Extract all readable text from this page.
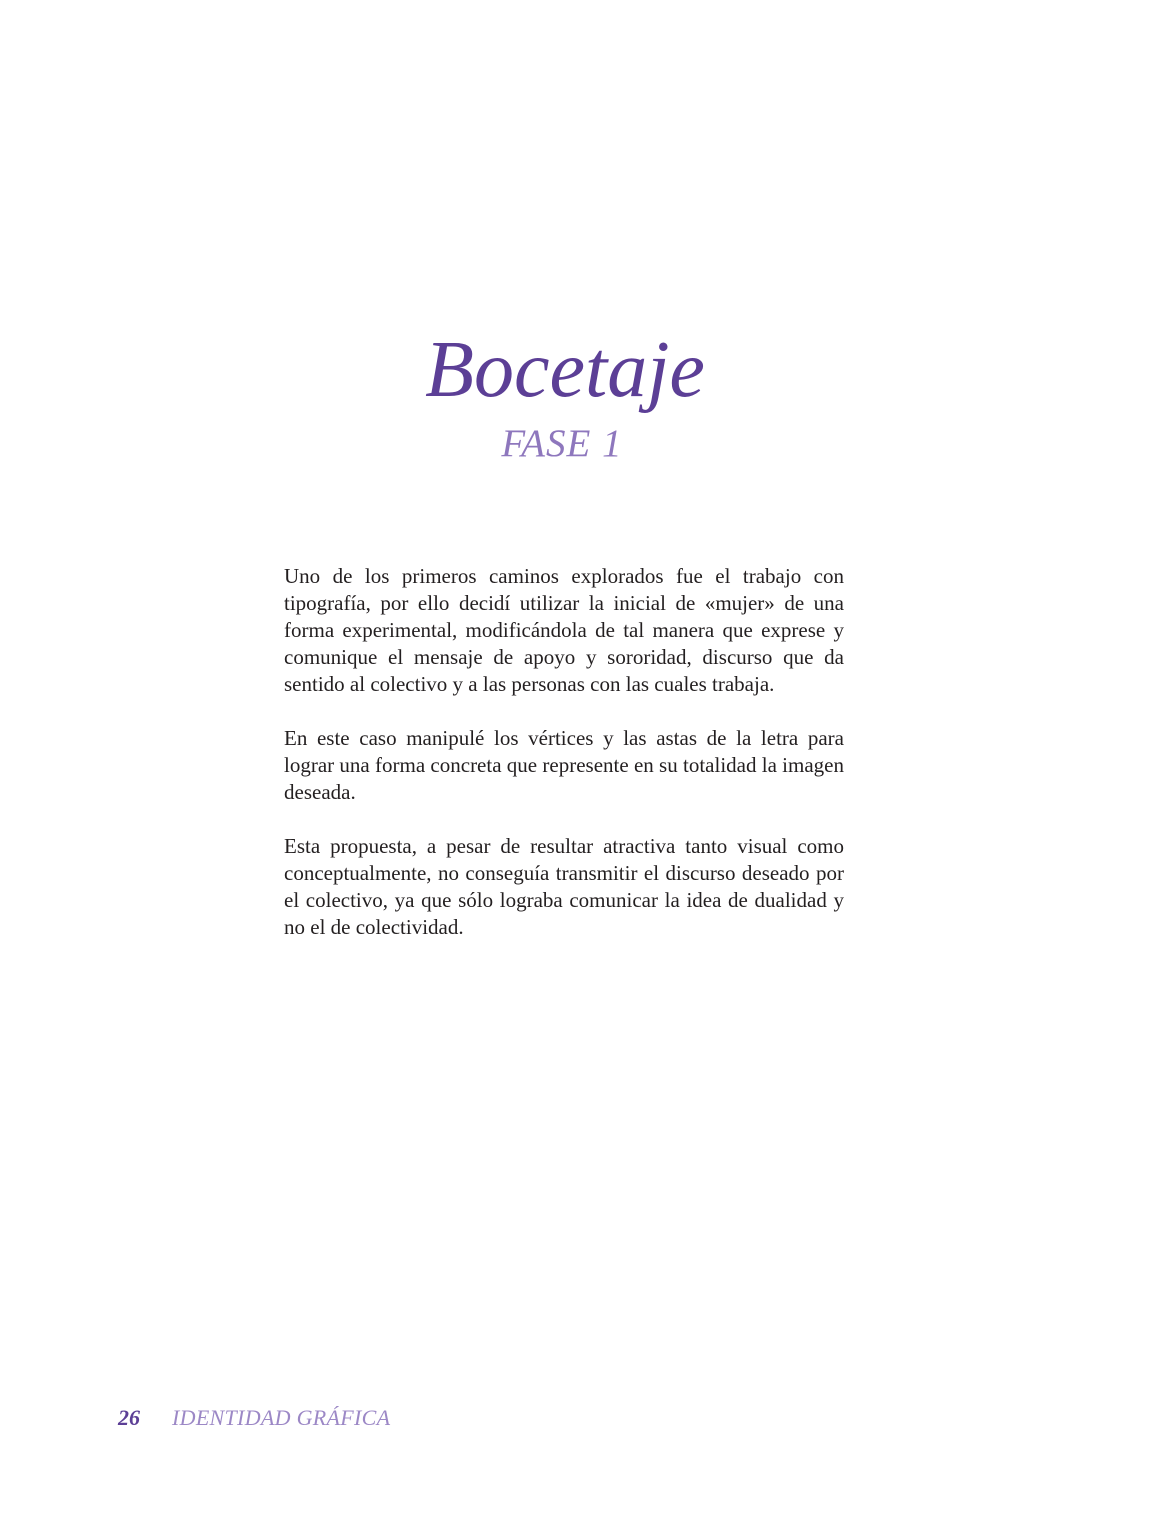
Bocetaje
FASE 1

Uno de los primeros caminos explorados fue el trabajo con tipografía, por ello decidí utilizar la inicial de «mujer» de una forma experimental, modificándola de tal manera que exprese y comunique el mensaje de apoyo y sororidad, discurso que da sentido al colectivo y a las personas con las cuales trabaja.

En este caso manipulé los vértices y las astas de la letra para lograr una forma concreta que represente en su totalidad la imagen deseada.

Esta propuesta, a pesar de resultar atractiva tanto visual como conceptualmente, no conseguía transmitir el discurso deseado por el colectivo, ya que sólo lograba comunicar la idea de dualidad y no el de colectividad.

26 IDENTIDAD GRÁFICA
